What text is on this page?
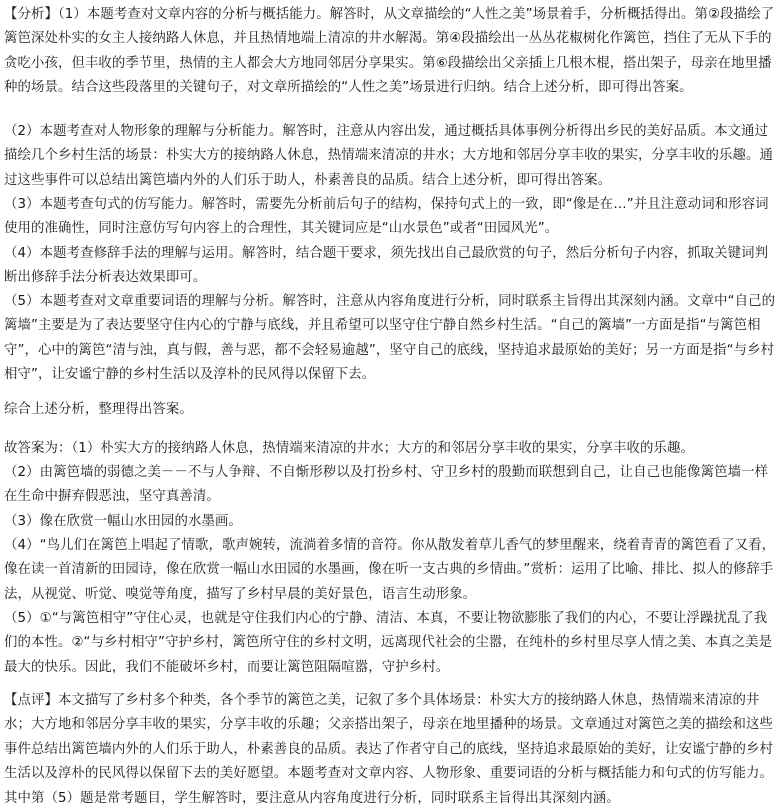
【分析】（1）本题考查对文章内容的分析与概括能力。解答时，从文章描绘的“人性之美”场景着手，分析概括得出。第②段描绘了篱笆深处朴实的女主人接纳路人休息，并且热情地端上清凉的井水解渴。第④段描绘出一丛丛花椒树化作篱笆，挡住了无从下手的贪吃小孩，但丰收的季节里，热情的主人都会大方地同邻居分享果实。第⑥段描绘出父亲插上几根木棍，搭出架子，母亲在地里播种的场景。结合这些段落里的关键句子，对文章所描绘的“人性之美”场景进行归纳。结合上述分析，即可得出答案。

（2）本题考查对人物形象的理解与分析能力。解答时，注意从内容出发，通过概括具体事例分析得出乡民的美好品质。本文通过描绘几个乡村生活的场景：朴实大方的接纳路人休息，热情端来清凉的井水；大方地和邻居分享丰收的果实，分享丰收的乐趣。通过这些事件可以总结出篱笆墙内外的人们乐于助人，朴素善良的品质。结合上述分析，即可得出答案。

（3）本题考查句式的仿写能力。解答时，需要先分析前后句子的结构，保持句式上的一致，即“像是在…”并且注意动词和形容词使用的准确性，同时注意仿写句内容上的合理性，其关键词应是“山水景色”或者“田园风光”。

（4）本题考查修辞手法的理解与运用。解答时，结合题干要求，须先找出自己最欣赏的句子，然后分析句子内容，抓取关键词判断出修辞手法分析表达效果即可。

（5）本题考查对文章重要词语的理解与分析。解答时，注意从内容角度进行分析，同时联系主旨得出其深刻内涵。文章中“自己的篱墙”主要是为了表达要坚守住内心的宁静与底线，并且希望可以坚守住宁静自然乡村生活。“自己的篱墙”一方面是指“与篱笆相守”，心中的篱笆“清与浊，真与假，善与恶，都不会轻易逾越”，坚守自己的底线，坚持追求最原始的美好；另一方面是指“与乡村相守”，让安谧宁静的乡村生活以及淳朴的民风得以保留下去。

综合上述分析，整理得出答案。

故答案为：（1）朴实大方的接纳路人休息，热情端来清凉的井水；大方的和邻居分享丰收的果实，分享丰收的乐趣。

（2）由篱笆墙的弱德之美－－不与人争辩、不自惭形秽以及打扮乡村、守卫乡村的殷勤而联想到自己，让自己也能像篱笆墙一样在生命中摒弃假恶浊，坚守真善清。

（3）像在欣赏一幅山水田园的水墨画。

（4）“鸟儿们在篱笆上唱起了情歌，歌声婉转，流淌着多情的音符。你从散发着草儿香气的梦里醒来，绕着青青的篱笆看了又看，像在读一首清新的田园诗，像在欣赏一幅山水田园的水墨画，像在听一支古典的乡情曲。”赏析：运用了比喻、排比、拟人的修辞手法，从视觉、听觉、嗅觉等角度，描写了乡村早晨的美好景色，语言生动形象。

（5）①“与篱笆相守”守住心灵，也就是守住我们内心的宁静、清洁、本真，不要让物欲膨胀了我们的内心，不要让浮躁扰乱了我们的本性。②“与乡村相守”守护乡村，篱笆所守住的乡村文明，远离现代社会的尘嚣，在纯朴的乡村里尽享人情之美、本真之美是最大的快乐。因此，我们不能破坏乡村，而要让篱笆阻隔喧嚣，守护乡村。

【点评】本文描写了乡村多个种类，各个季节的篱笆之美，记叙了多个具体场景：朴实大方的接纳路人休息，热情端来清凉的井水；大方地和邻居分享丰收的果实，分享丰收的乐趣；父亲搭出架子，母亲在地里播种的场景。文章通过对篱笆之美的描绘和这些事件总结出篱笆墙内外的人们乐于助人，朴素善良的品质。表达了作者守自己的底线，坚持追求最原始的美好，让安谧宁静的乡村生活以及淳朴的民风得以保留下去的美好愿望。本题考查对文章内容、人物形象、重要词语的分析与概括能力和句式的仿写能力。其中第（5）题是常考题目，学生解答时，要注意从内容角度进行分析，同时联系主旨得出其深刻内涵。
